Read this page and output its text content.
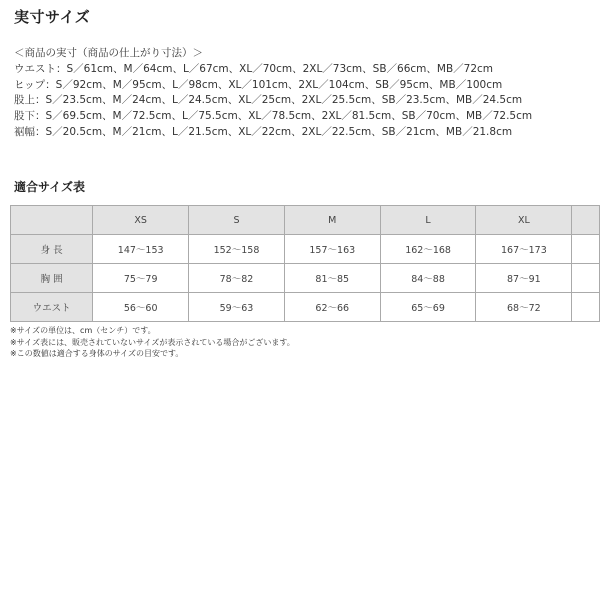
実寸サイズ
＜商品の実寸（商品の仕上がり寸法）＞
ウエスト：S／61cm、M／64cm、L／67cm、XL／70cm、2XL／73cm、SB／66cm、MB／72cm
ヒップ：S／92cm、M／95cm、L／98cm、XL／101cm、2XL／104cm、SB／95cm、MB／100cm
股上：S／23.5cm、M／24cm、L／24.5cm、XL／25cm、2XL／25.5cm、SB／23.5cm、MB／24.5cm
股下：S／69.5cm、M／72.5cm、L／75.5cm、XL／78.5cm、2XL／81.5cm、SB／70cm、MB／72.5cm
裾幅：S／20.5cm、M／21cm、L／21.5cm、XL／22cm、2XL／22.5cm、SB／21cm、MB／21.8cm
適合サイズ表
	XS	S	M	L	XL	
身 長	147〜153	152〜158	157〜163	162〜168	167〜173	
胸 囲	75〜79	78〜82	81〜85	84〜88	87〜91	
ウエスト	56〜60	59〜63	62〜66	65〜69	68〜72	
※サイズの単位は、cm（センチ）です。
※サイズ表には、販売されていないサイズが表示されている場合がございます。
※この数値は適合する身体のサイズの目安です。
